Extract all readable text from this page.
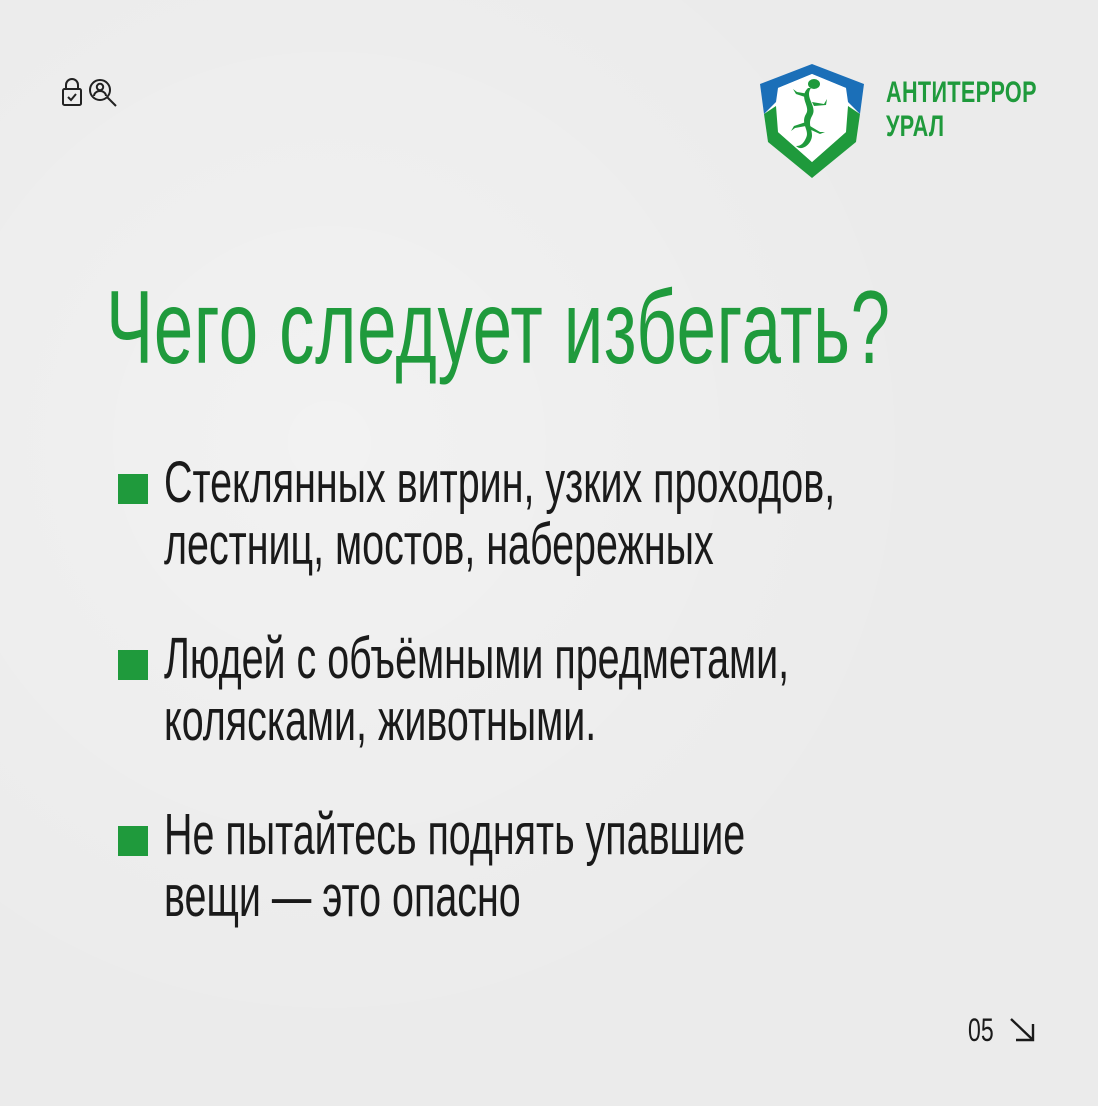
АНТИТЕРРОР
УРАЛ
Чего следует избегать?
Стеклянных витрин, узких проходов,
лестниц, мостов, набережных
Людей с объёмными предметами,
колясками, животными.
Не пытайтесь поднять упавшие
вещи — это опасно
05
